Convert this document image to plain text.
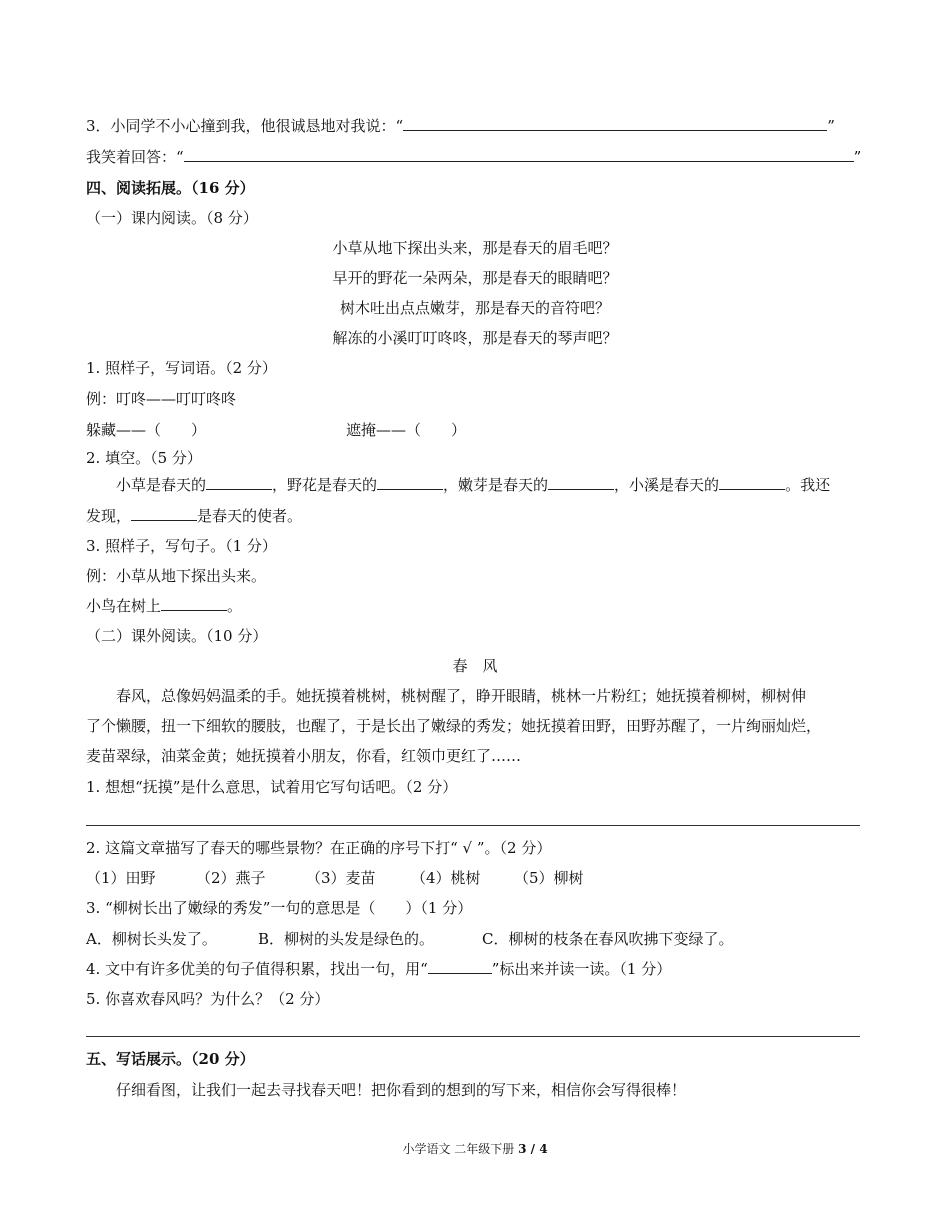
3．小同学不小心撞到我，他很诚恳地对我说：“	”
我笑着回答：“	”
四、阅读拓展。（16 分）
（一）课内阅读。（8 分）
小草从地下探出头来，那是春天的眉毛吧？
早开的野花一朵两朵，那是春天的眼睛吧？
树木吐出点点嫩芽，那是春天的音符吧？
解冻的小溪叮叮咚咚，那是春天的琴声吧？
1. 照样子，写词语。（2 分）
例：叮咚——叮叮咚咚
躲藏——（　　）	遮掩——（　　）
2. 填空。（5 分）
小草是春天的	，野花是春天的	，嫩芽是春天的	，小溪是春天的	。我还
发现，	是春天的使者。
3. 照样子，写句子。（1 分）
例：小草从地下探出头来。
小鸟在树上	。
（二）课外阅读。（10 分）
春　风
春风，总像妈妈温柔的手。她抚摸着桃树，桃树醒了，睁开眼睛，桃林一片粉红；她抚摸着柳树，柳树伸
了个懒腰，扭一下细软的腰肢，也醒了，于是长出了嫩绿的秀发；她抚摸着田野，田野苏醒了，一片绚丽灿烂，
麦苗翠绿，油菜金黄；她抚摸着小朋友，你看，红领巾更红了……
1. 想想“抚摸”是什么意思，试着用它写句话吧。（2 分）
2. 这篇文章描写了春天的哪些景物？在正确的序号下打“ √ ”。（2 分）
（1）田野	（2）燕子	（3）麦苗 （4）桃树 （5）柳树
3. “柳树长出了嫩绿的秀发”一句的意思是（　　）（1 分）
A．柳树长头发了。	B．柳树的头发是绿色的。	C．柳树的枝条在春风吹拂下变绿了。
4. 文中有许多优美的句子值得积累，找出一句，用“	”标出来并读一读。（1 分）
5. 你喜欢春风吗？为什么？（2 分）
五、写话展示。（20 分）
仔细看图，让我们一起去寻找春天吧！把你看到的想到的写下来，相信你会写得很棒！
小学语文 二年级下册 3 / 4
